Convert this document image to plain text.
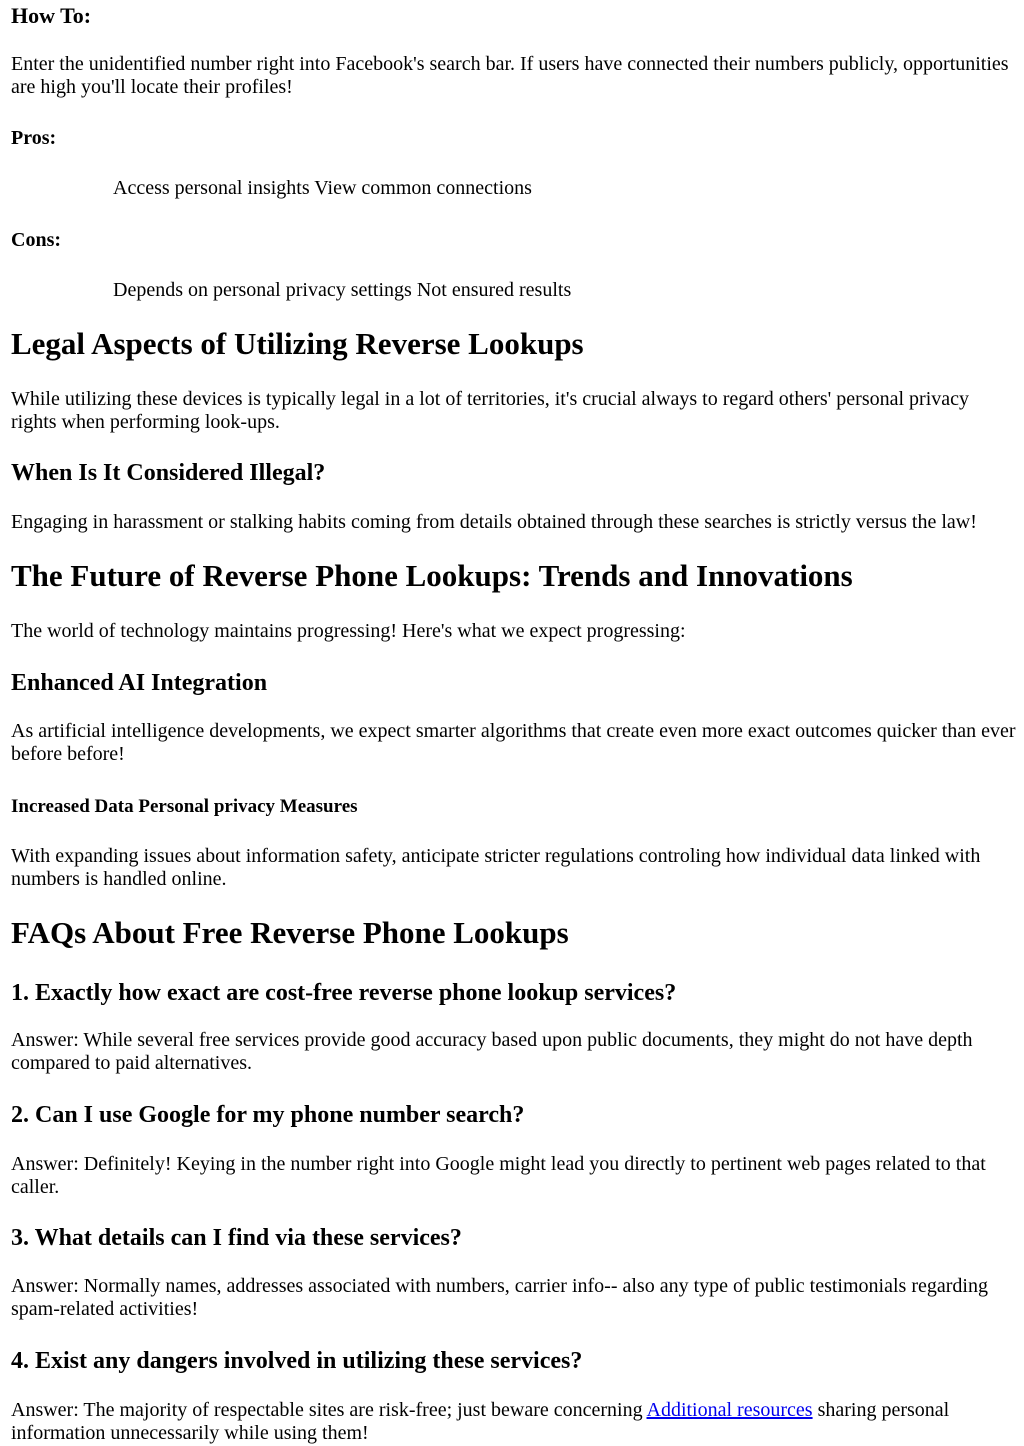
How To:

Enter the unidentified number right into Facebook's search bar. If users have connected their numbers publicly, opportunities are high you'll locate their profiles!

Pros:
Access personal insights View common connections
Cons:
Depends on personal privacy settings Not ensured results
Legal Aspects of Utilizing Reverse Lookups

While utilizing these devices is typically legal in a lot of territories, it's crucial always to regard others' personal privacy rights when performing look-ups.

When Is It Considered Illegal?

Engaging in harassment or stalking habits coming from details obtained through these searches is strictly versus the law!

The Future of Reverse Phone Lookups: Trends and Innovations

The world of technology maintains progressing! Here's what we expect progressing:

Enhanced AI Integration

As artificial intelligence developments, we expect smarter algorithms that create even more exact outcomes quicker than ever before before!

Increased Data Personal privacy Measures

With expanding issues about information safety, anticipate stricter regulations controling how individual data linked with numbers is handled online.

FAQs About Free Reverse Phone Lookups
1. Exactly how exact are cost-free reverse phone lookup services?

Answer: While several free services provide good accuracy based upon public documents, they might do not have depth compared to paid alternatives.

2. Can I use Google for my phone number search?

Answer: Definitely! Keying in the number right into Google might lead you directly to pertinent web pages related to that caller.

3. What details can I find via these services?

Answer: Normally names, addresses associated with numbers, carrier info-- also any type of public testimonials regarding spam-related activities!

4. Exist any dangers involved in utilizing these services?

Answer: The majority of respectable sites are risk-free; just beware concerning Additional resources sharing personal information unnecessarily while using them!
